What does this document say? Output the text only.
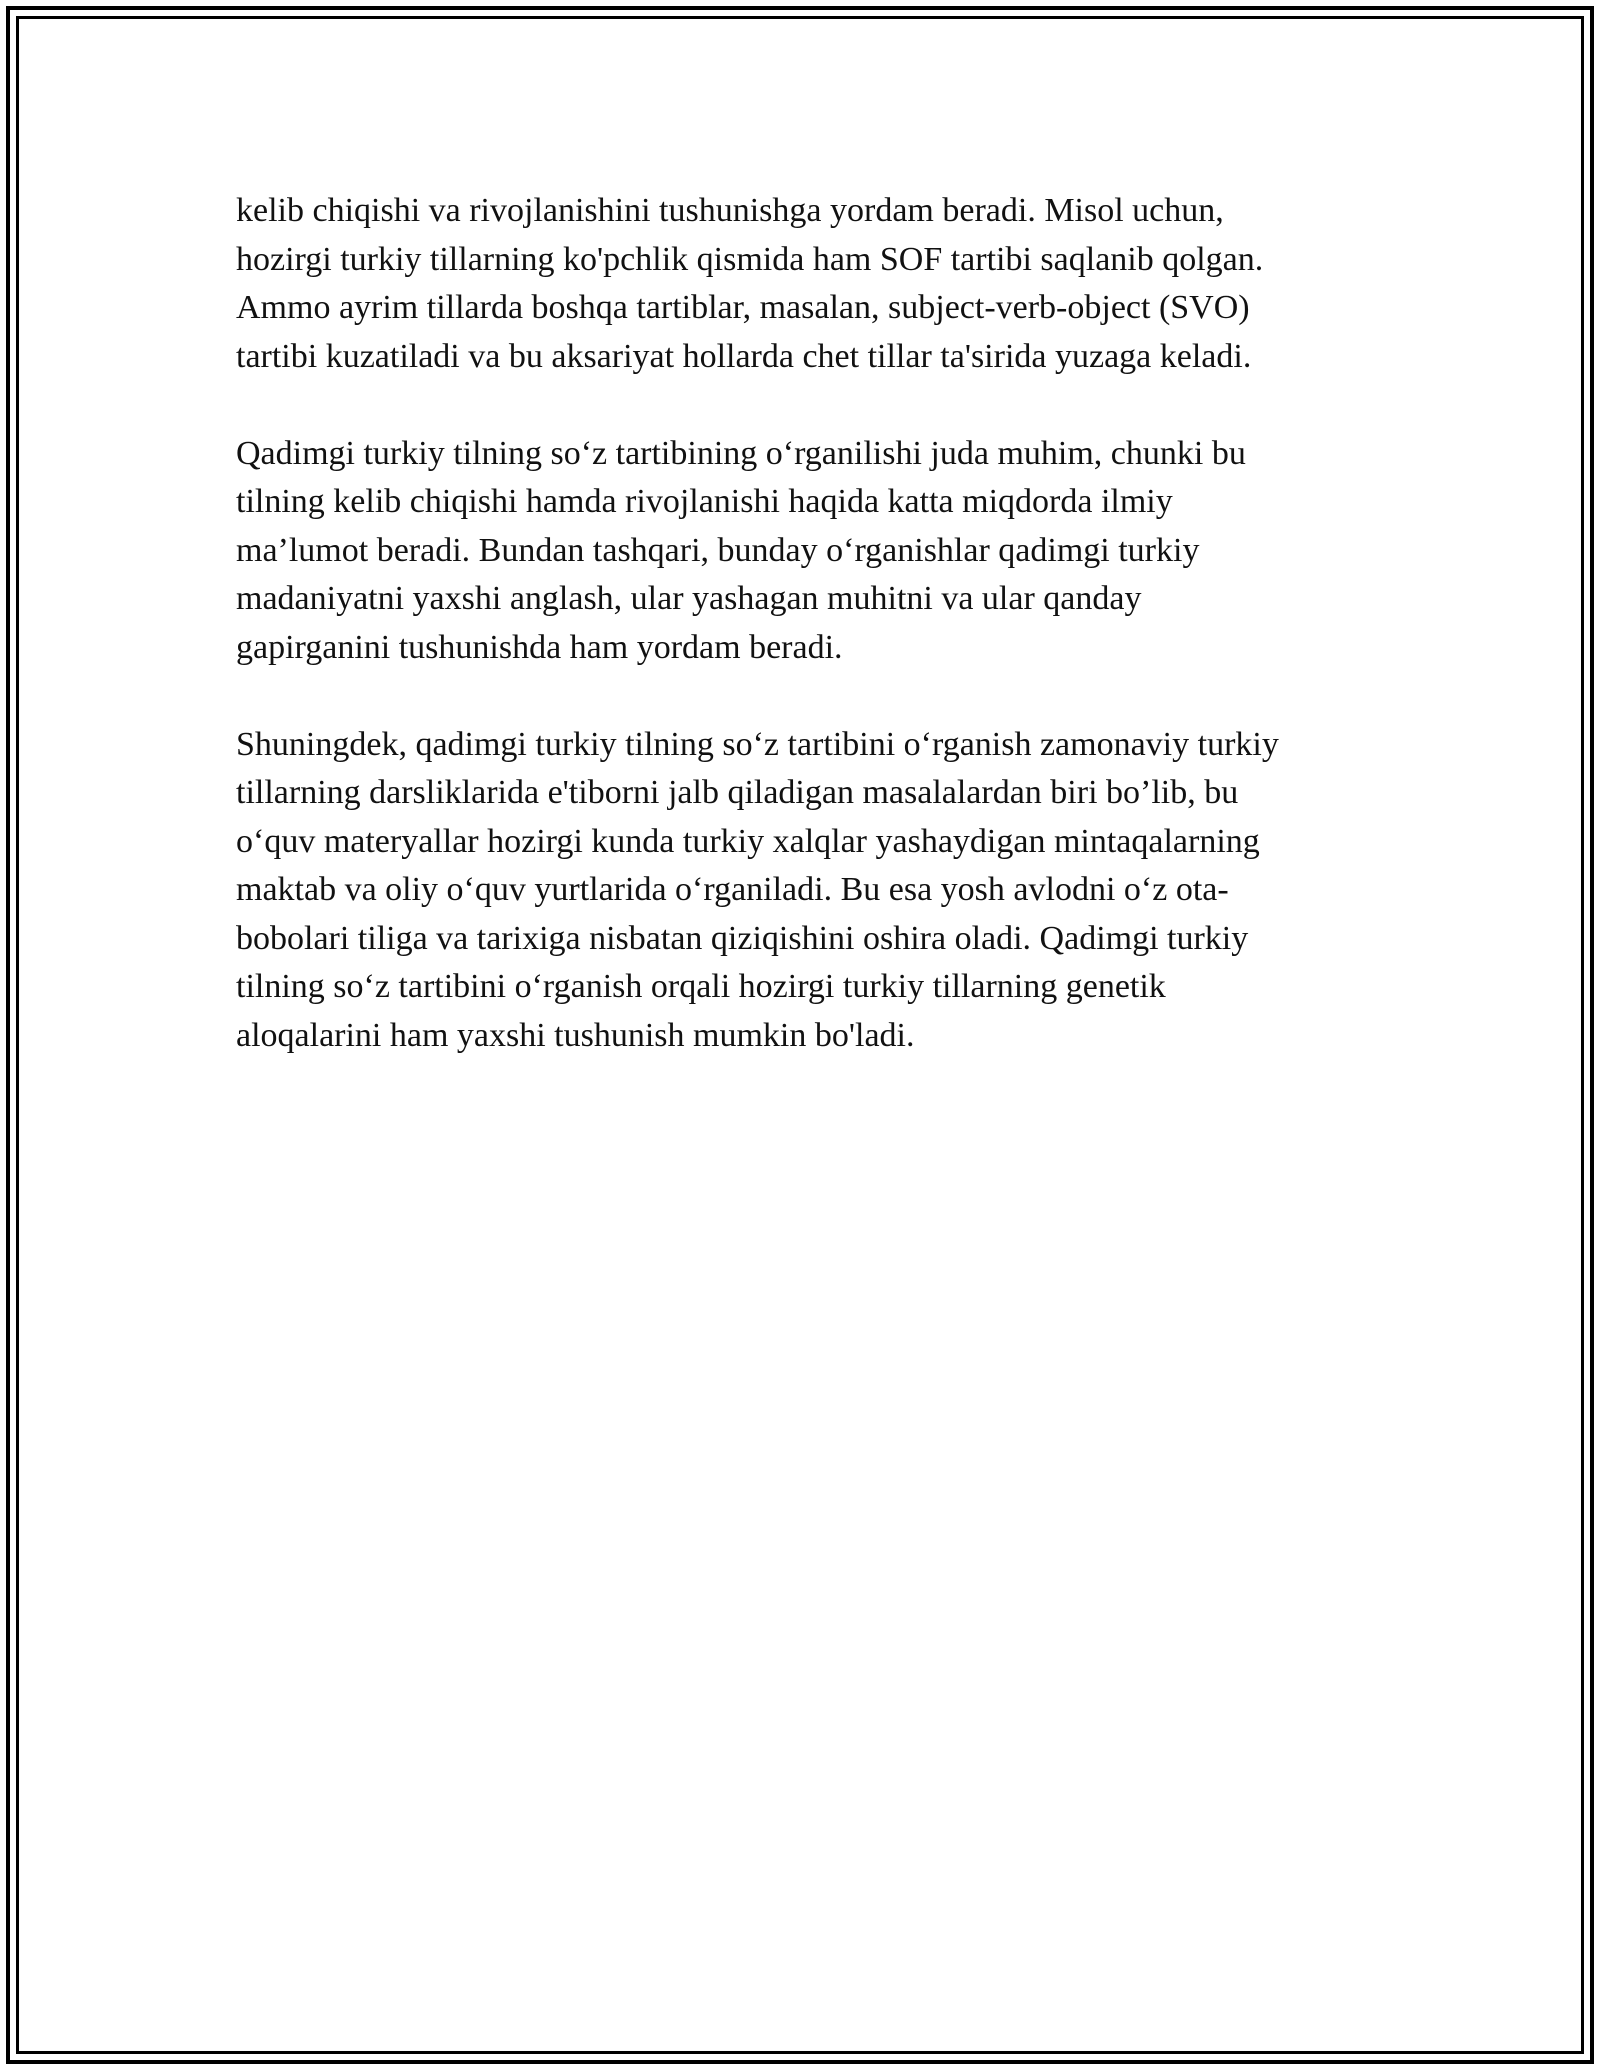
kelib chiqishi va rivojlanishini tushunishga yordam beradi. Misol uchun,
hozirgi turkiy tillarning ko'pchlik qismida ham SOF tartibi saqlanib qolgan.
Ammo ayrim tillarda boshqa tartiblar, masalan, subject-verb-object (SVO)
tartibi kuzatiladi va bu aksariyat hollarda chet tillar ta'sirida yuzaga keladi.

Qadimgi turkiy tilning so‘z tartibining o‘rganilishi juda muhim, chunki bu
tilning kelib chiqishi hamda rivojlanishi haqida katta miqdorda ilmiy
ma’lumot beradi. Bundan tashqari, bunday o‘rganishlar qadimgi turkiy
madaniyatni yaxshi anglash, ular yashagan muhitni va ular qanday
gapirganini tushunishda ham yordam beradi.

Shuningdek, qadimgi turkiy tilning so‘z tartibini o‘rganish zamonaviy turkiy
tillarning darsliklarida e'tiborni jalb qiladigan masalalardan biri bo’lib, bu
o‘quv materyallar hozirgi kunda turkiy xalqlar yashaydigan mintaqalarning
maktab va oliy o‘quv yurtlarida o‘rganiladi. Bu esa yosh avlodni o‘z ota-
bobolari tiliga va tarixiga nisbatan qiziqishini oshira oladi. Qadimgi turkiy
tilning so‘z tartibini o‘rganish orqali hozirgi turkiy tillarning genetik
aloqalarini ham yaxshi tushunish mumkin bo'ladi.
